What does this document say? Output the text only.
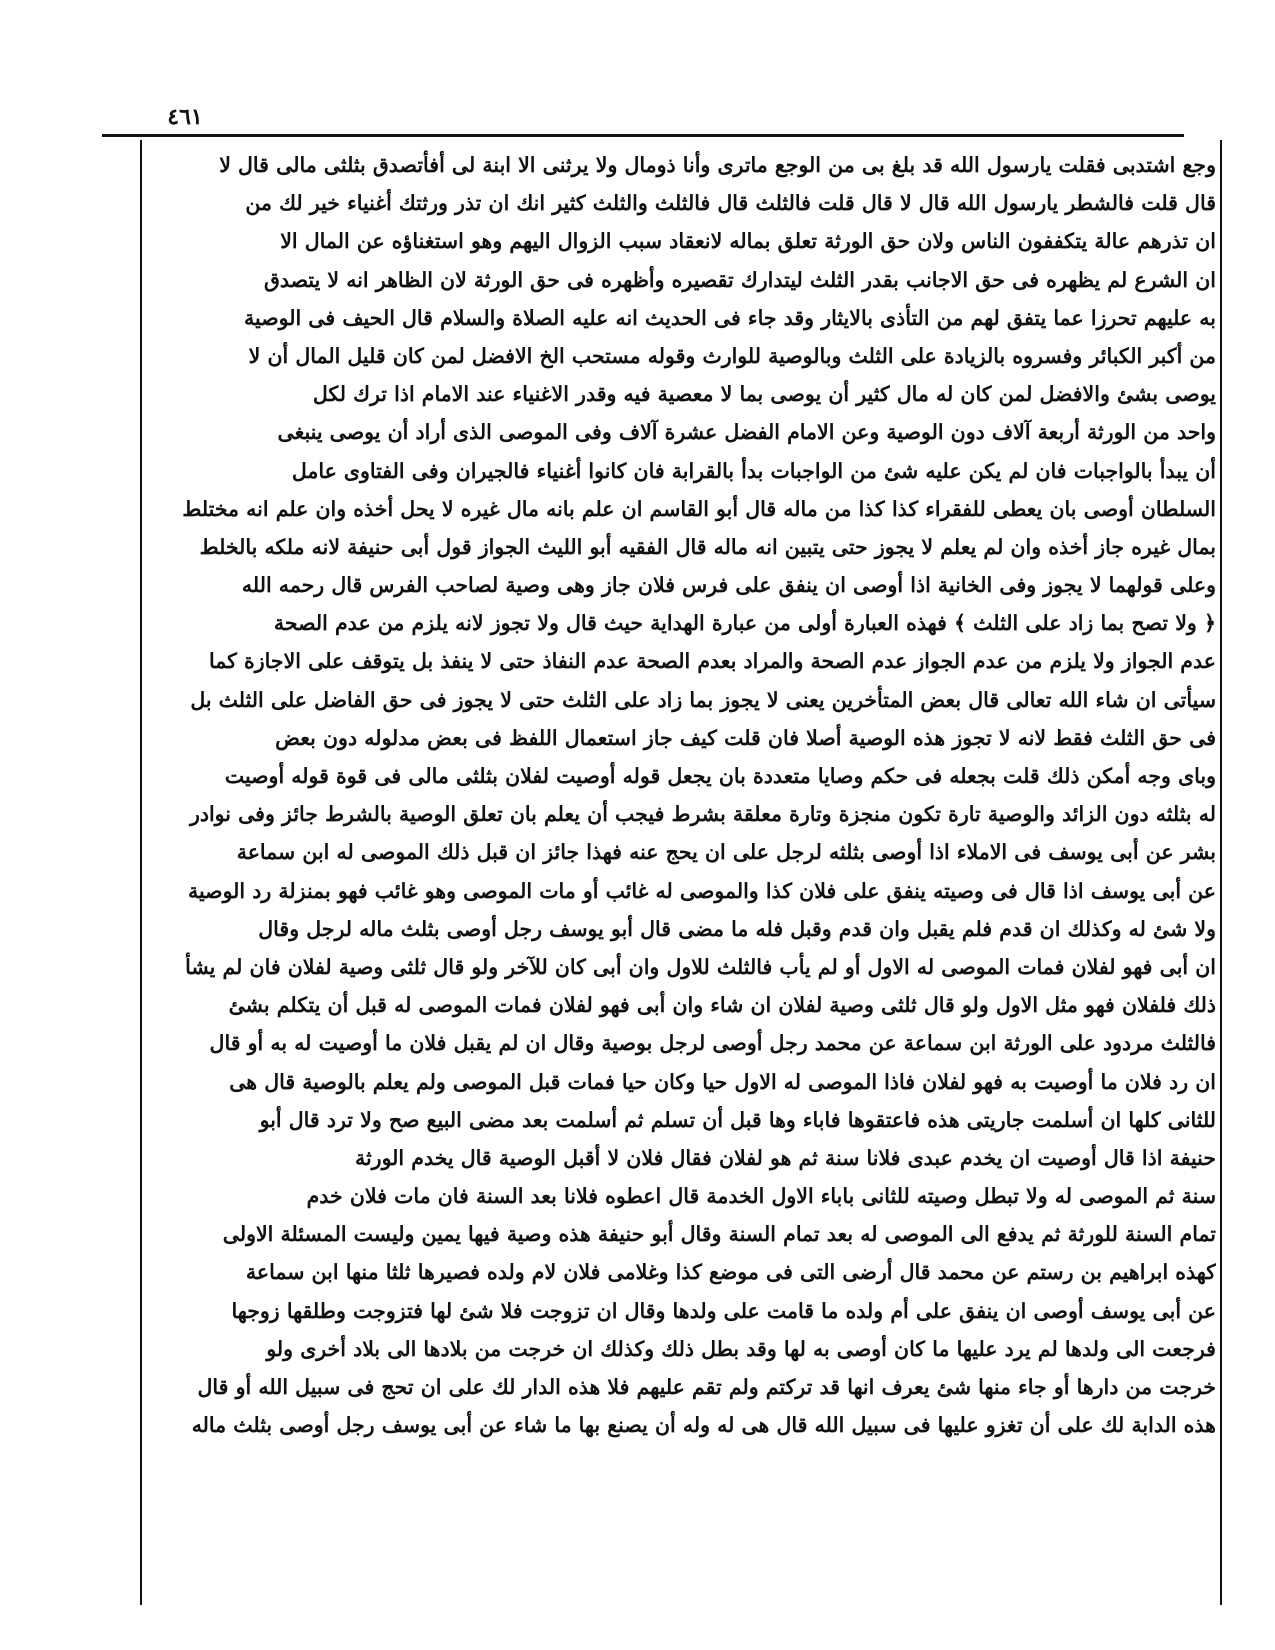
٤٦١
وجع اشتدبى فقلت يارسول الله قد بلغ بى من الوجع ماترى وأنا ذومال ولا يرثنى الا ابنة لى أفأتصدق بثلثى مالى قال لا
قال قلت فالشطر يارسول الله قال لا قال قلت فالثلث قال فالثلث والثلث كثير انك ان تذر ورثتك أغنياء خير لك من
ان تذرهم عالة يتكففون الناس ولان حق الورثة تعلق بماله لانعقاد سبب الزوال اليهم وهو استغناؤه عن المال الا
ان الشرع لم يظهره فى حق الاجانب بقدر الثلث ليتدارك تقصيره وأظهره فى حق الورثة لان الظاهر انه لا يتصدق
به عليهم تحرزا عما يتفق لهم من التأذى بالايثار وقد جاء فى الحديث انه عليه الصلاة والسلام قال الحيف فى الوصية
من أكبر الكبائر وفسروه بالزيادة على الثلث وبالوصية للوارث وقوله مستحب الخ الافضل لمن كان قليل المال أن لا
يوصى بشئ والافضل لمن كان له مال كثير أن يوصى بما لا معصية فيه وقدر الاغنياء عند الامام اذا ترك لكل
واحد من الورثة أربعة آلاف دون الوصية وعن الامام الفضل عشرة آلاف وفى الموصى الذى أراد أن يوصى ينبغى
أن يبدأ بالواجبات فان لم يكن عليه شئ من الواجبات بدأ بالقرابة فان كانوا أغنياء فالجيران وفى الفتاوى عامل
السلطان أوصى بان يعطى للفقراء كذا كذا من ماله قال أبو القاسم ان علم بانه مال غيره لا يحل أخذه وان علم انه مختلط
بمال غيره جاز أخذه وان لم يعلم لا يجوز حتى يتبين انه ماله قال الفقيه أبو الليث الجواز قول أبى حنيفة لانه ملكه بالخلط
وعلى قولهما لا يجوز وفى الخانية اذا أوصى ان ينفق على فرس فلان جاز وهى وصية لصاحب الفرس قال رحمه الله
﴿ ولا تصح بما زاد على الثلث ﴾ فهذه العبارة أولى من عبارة الهداية حيث قال ولا تجوز لانه يلزم من عدم الصحة
عدم الجواز ولا يلزم من عدم الجواز عدم الصحة والمراد بعدم الصحة عدم النفاذ حتى لا ينفذ بل يتوقف على الاجازة كما
سيأتى ان شاء الله تعالى قال بعض المتأخرين يعنى لا يجوز بما زاد على الثلث حتى لا يجوز فى حق الفاضل على الثلث بل
فى حق الثلث فقط لانه لا تجوز هذه الوصية أصلا فان قلت كيف جاز استعمال اللفظ فى بعض مدلوله دون بعض
وباى وجه أمكن ذلك قلت بجعله فى حكم وصايا متعددة بان يجعل قوله أوصيت لفلان بثلثى مالى فى قوة قوله أوصيت
له بثلثه دون الزائد والوصية تارة تكون منجزة وتارة معلقة بشرط فيجب أن يعلم بان تعلق الوصية بالشرط جائز وفى نوادر
بشر عن أبى يوسف فى الاملاء اذا أوصى بثلثه لرجل على ان يحج عنه فهذا جائز ان قبل ذلك الموصى له ابن سماعة
عن أبى يوسف اذا قال فى وصيته ينفق على فلان كذا والموصى له غائب أو مات الموصى وهو غائب فهو بمنزلة رد الوصية
ولا شئ له وكذلك ان قدم فلم يقبل وان قدم وقبل فله ما مضى قال أبو يوسف رجل أوصى بثلث ماله لرجل وقال
ان أبى فهو لفلان فمات الموصى له الاول أو لم يأب فالثلث للاول وان أبى كان للآخر ولو قال ثلثى وصية لفلان فان لم يشأ
ذلك فلفلان فهو مثل الاول ولو قال ثلثى وصية لفلان ان شاء وان أبى فهو لفلان فمات الموصى له قبل أن يتكلم بشئ
فالثلث مردود على الورثة ابن سماعة عن محمد رجل أوصى لرجل بوصية وقال ان لم يقبل فلان ما أوصيت له به أو قال
ان رد فلان ما أوصيت به فهو لفلان فاذا الموصى له الاول حيا وكان حيا فمات قبل الموصى ولم يعلم بالوصية قال هى
للثانى كلها ان أسلمت جاريتى هذه فاعتقوها فاباء وها قبل أن تسلم ثم أسلمت بعد مضى البيع صح ولا ترد قال أبو
حنيفة اذا قال أوصيت ان يخدم عبدى فلانا سنة ثم هو لفلان فقال فلان لا أقبل الوصية قال يخدم الورثة
سنة ثم الموصى له ولا تبطل وصيته للثانى باباء الاول الخدمة قال اعطوه فلانا بعد السنة فان مات فلان خدم
تمام السنة للورثة ثم يدفع الى الموصى له بعد تمام السنة وقال أبو حنيفة هذه وصية فيها يمين وليست المسئلة الاولى
كهذه ابراهيم بن رستم عن محمد قال أرضى التى فى موضع كذا وغلامى فلان لام ولده فصيرها ثلثا منها ابن سماعة
عن أبى يوسف أوصى ان ينفق على أم ولده ما قامت على ولدها وقال ان تزوجت فلا شئ لها فتزوجت وطلقها زوجها
فرجعت الى ولدها لم يرد عليها ما كان أوصى به لها وقد بطل ذلك وكذلك ان خرجت من بلادها الى بلاد أخرى ولو
خرجت من دارها أو جاء منها شئ يعرف انها قد تركتم ولم تقم عليهم فلا هذه الدار لك على ان تحج فى سبيل الله أو قال
هذه الدابة لك على أن تغزو عليها فى سبيل الله قال هى له وله أن يصنع بها ما شاء عن أبى يوسف رجل أوصى بثلث ماله
